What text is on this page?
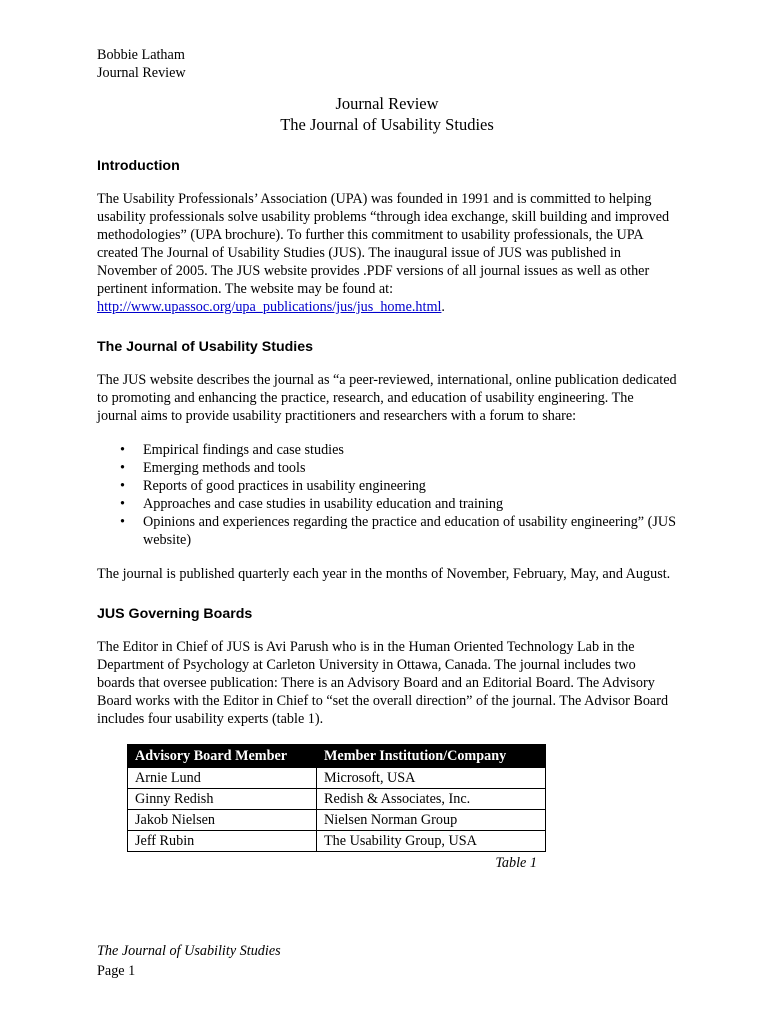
Bobbie Latham
Journal Review
Journal Review
The Journal of Usability Studies
Introduction

The Usability Professionals’ Association (UPA) was founded in 1991 and is committed to helping usability professionals solve usability problems “through idea exchange, skill building and improved methodologies” (UPA brochure). To further this commitment to usability professionals, the UPA created The Journal of Usability Studies (JUS). The inaugural issue of JUS was published in November of 2005. The JUS website provides .PDF versions of all journal issues as well as other pertinent information. The website may be found at: http://www.upassoc.org/upa_publications/jus/jus_home.html.

The Journal of Usability Studies

The JUS website describes the journal as “a peer-reviewed, international, online publication dedicated to promoting and enhancing the practice, research, and education of usability engineering. The journal aims to provide usability practitioners and researchers with a forum to share:

• Empirical findings and case studies
• Emerging methods and tools
• Reports of good practices in usability engineering
• Approaches and case studies in usability education and training
• Opinions and experiences regarding the practice and education of usability engineering” (JUS website)

The journal is published quarterly each year in the months of November, February, May, and August.

JUS Governing Boards

The Editor in Chief of JUS is Avi Parush who is in the Human Oriented Technology Lab in the Department of Psychology at Carleton University in Ottawa, Canada. The journal includes two boards that oversee publication: There is an Advisory Board and an Editorial Board. The Advisory Board works with the Editor in Chief to “set the overall direction” of the journal. The Advisor Board includes four usability experts (table 1).

Advisory Board Member	Member Institution/Company
Arnie Lund	Microsoft, USA
Ginny Redish	Redish & Associates, Inc.
Jakob Nielsen	Nielsen Norman Group
Jeff Rubin	The Usability Group, USA
Table 1
The Journal of Usability Studies
Page 1
